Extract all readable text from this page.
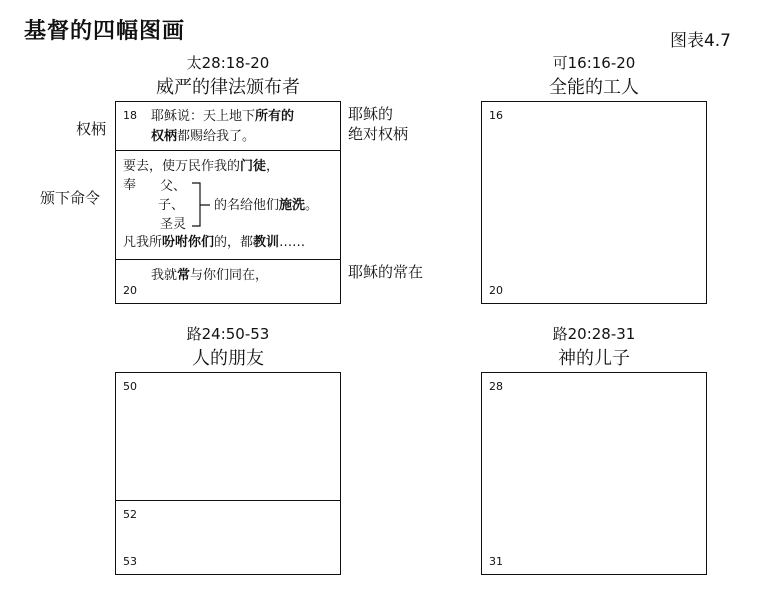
基督的四幅图画	图表4.7
太28:18-20
威严的律法颁布者
权柄
颁下命令
耶稣的
绝对权柄
耶稣的常在
18 耶稣说：天上地下所有的
权柄都赐给我了。
要去，使万民作我的门徒，
奉 父、
子、
圣灵
的名给他们施洗。
凡我所吩咐你们的，都教训……
我就常与你们同在，
20
可16:16-20
全能的工人
16
20
路24:50-53
人的朋友
50
52
53
路20:28-31
神的儿子
28
31
